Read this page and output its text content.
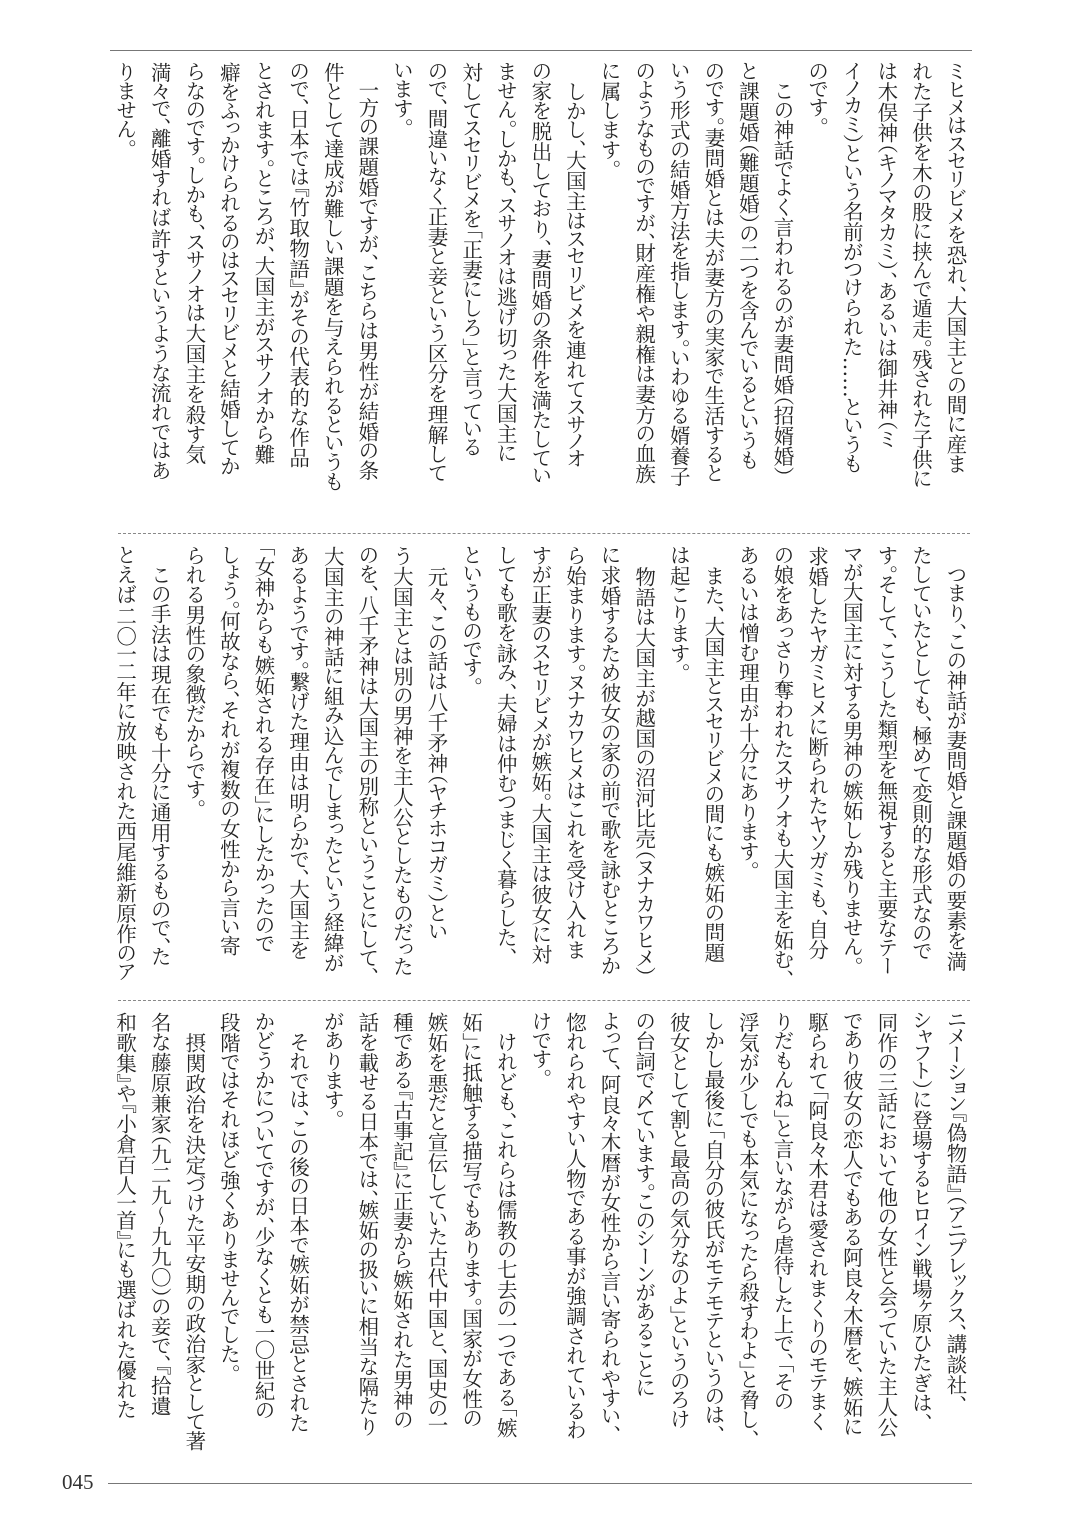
ミヒメはスセリビメを恐れ、大国主との間に産ま
れた子供を木の股に挟んで遁走。残された子供に
は木俣神（キノマタカミ）、あるいは御井神（ミ
イノカミ）という名前がつけられた……というも
のです。
　この神話でよく言われるのが妻問婚（招婿婚）
と課題婚（難題婚）の二つを含んでいるというも
のです。妻問婚とは夫が妻方の実家で生活すると
いう形式の結婚方法を指します。いわゆる婿養子
のようなものですが、財産権や親権は妻方の血族
に属します。
　しかし、大国主はスセリビメを連れてスサノオ
の家を脱出しており、妻問婚の条件を満たしてい
ません。しかも、スサノオは逃げ切った大国主に
対してスセリビメを「正妻にしろ」と言っている
ので、間違いなく正妻と妾という区分を理解して
います。
　一方の課題婚ですが、こちらは男性が結婚の条
件として達成が難しい課題を与えられるというも
ので、日本では『竹取物語』がその代表的な作品
とされます。ところが、大国主がスサノオから難
癖をふっかけられるのはスセリビメと結婚してか
らなのです。しかも、スサノオは大国主を殺す気
満々で、離婚すれば許すというような流れではあ
りません。
　つまり、この神話が妻問婚と課題婚の要素を満
たしていたとしても、極めて変則的な形式なので
す。そして、こうした類型を無視すると主要なテー
マが大国主に対する男神の嫉妬しか残りません。
求婚したヤガミヒメに断られたヤソガミも、自分
の娘をあっさり奪われたスサノオも大国主を妬む、
あるいは憎む理由が十分にあります。
　また、大国主とスセリビメの間にも嫉妬の問題
は起こります。
　物語は大国主が越国の沼河比売（ヌナカワヒメ）
に求婚するため彼女の家の前で歌を詠むところか
ら始まります。ヌナカワヒメはこれを受け入れま
すが正妻のスセリビメが嫉妬。大国主は彼女に対
しても歌を詠み、夫婦は仲むつまじく暮らした、
というものです。
　元々、この話は八千矛神（ヤチホコガミ）とい
う大国主とは別の男神を主人公としたものだった
のを、八千矛神は大国主の別称ということにして、
大国主の神話に組み込んでしまったという経緯が
あるようです。繋げた理由は明らかで、大国主を
「女神からも嫉妬される存在」にしたかったので
しょう。何故なら、それが複数の女性から言い寄
られる男性の象徴だからです。
　この手法は現在でも十分に通用するもので、た
とえば二〇一二年に放映された西尾維新原作のア
ニメーション『偽物語』（アニプレックス、講談社、
シャフト）に登場するヒロイン戦場ヶ原ひたぎは、
同作の三話において他の女性と会っていた主人公
であり彼女の恋人でもある阿良々木暦を、嫉妬に
駆られて「阿良々木君は愛されまくりのモテまく
りだもんね」と言いながら虐待した上で、「その
浮気が少しでも本気になったら殺すわよ」と脅し、
しかし最後に「自分の彼氏がモテモテというのは、
彼女として割と最高の気分なのよ」というのろけ
の台詞で〆ています。このシーンがあることに
よって、阿良々木暦が女性から言い寄られやすい、
惚れられやすい人物である事が強調されているわ
けです。
　けれども、これらは儒教の七去の一つである「嫉
妬」に抵触する描写でもあります。国家が女性の
嫉妬を悪だと宣伝していた古代中国と、国史の一
種である『古事記』に正妻から嫉妬された男神の
話を載せる日本では、嫉妬の扱いに相当な隔たり
があります。
　それでは、この後の日本で嫉妬が禁忌とされた
かどうかについてですが、少なくとも一〇世紀の
段階ではそれほど強くありませんでした。
　摂関政治を決定づけた平安期の政治家として著
名な藤原兼家（九二九～九九〇）の妾で、『拾遺
和歌集』や『小倉百人一首』にも選ばれた優れた
045
